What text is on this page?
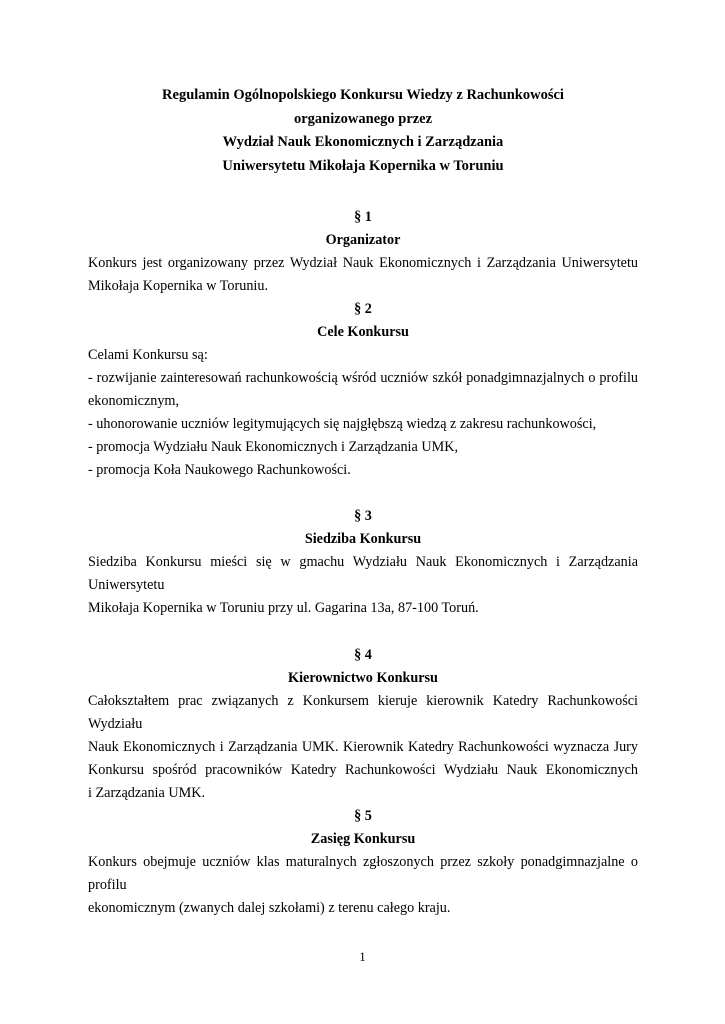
Regulamin Ogólnopolskiego Konkursu Wiedzy z Rachunkowości
organizowanego przez
Wydział Nauk Ekonomicznych i Zarządzania
Uniwersytetu Mikołaja Kopernika w Toruniu
§ 1
Organizator
Konkurs jest organizowany przez Wydział Nauk Ekonomicznych i Zarządzania Uniwersytetu
Mikołaja Kopernika w Toruniu.
§ 2
Cele Konkursu
Celami Konkursu są:
- rozwijanie zainteresowań rachunkowością wśród uczniów szkół ponadgimnazjalnych o profilu
ekonomicznym,
- uhonorowanie uczniów legitymujących się najgłębszą wiedzą z zakresu rachunkowości,
- promocja Wydziału Nauk Ekonomicznych i Zarządzania UMK,
- promocja Koła Naukowego Rachunkowości.
§ 3
Siedziba Konkursu
Siedziba Konkursu mieści się w gmachu Wydziału Nauk Ekonomicznych i Zarządzania Uniwersytetu
Mikołaja Kopernika w Toruniu przy ul. Gagarina 13a, 87-100 Toruń.
§ 4
Kierownictwo Konkursu
Całokształtem prac związanych z Konkursem kieruje kierownik Katedry Rachunkowości Wydziału
Nauk Ekonomicznych i Zarządzania UMK. Kierownik Katedry Rachunkowości wyznacza Jury
Konkursu spośród pracowników Katedry Rachunkowości Wydziału Nauk Ekonomicznych
i Zarządzania UMK.
§ 5
Zasięg Konkursu
Konkurs obejmuje uczniów klas maturalnych zgłoszonych przez szkoły ponadgimnazjalne o profilu
ekonomicznym (zwanych dalej szkołami) z terenu całego kraju.
1
